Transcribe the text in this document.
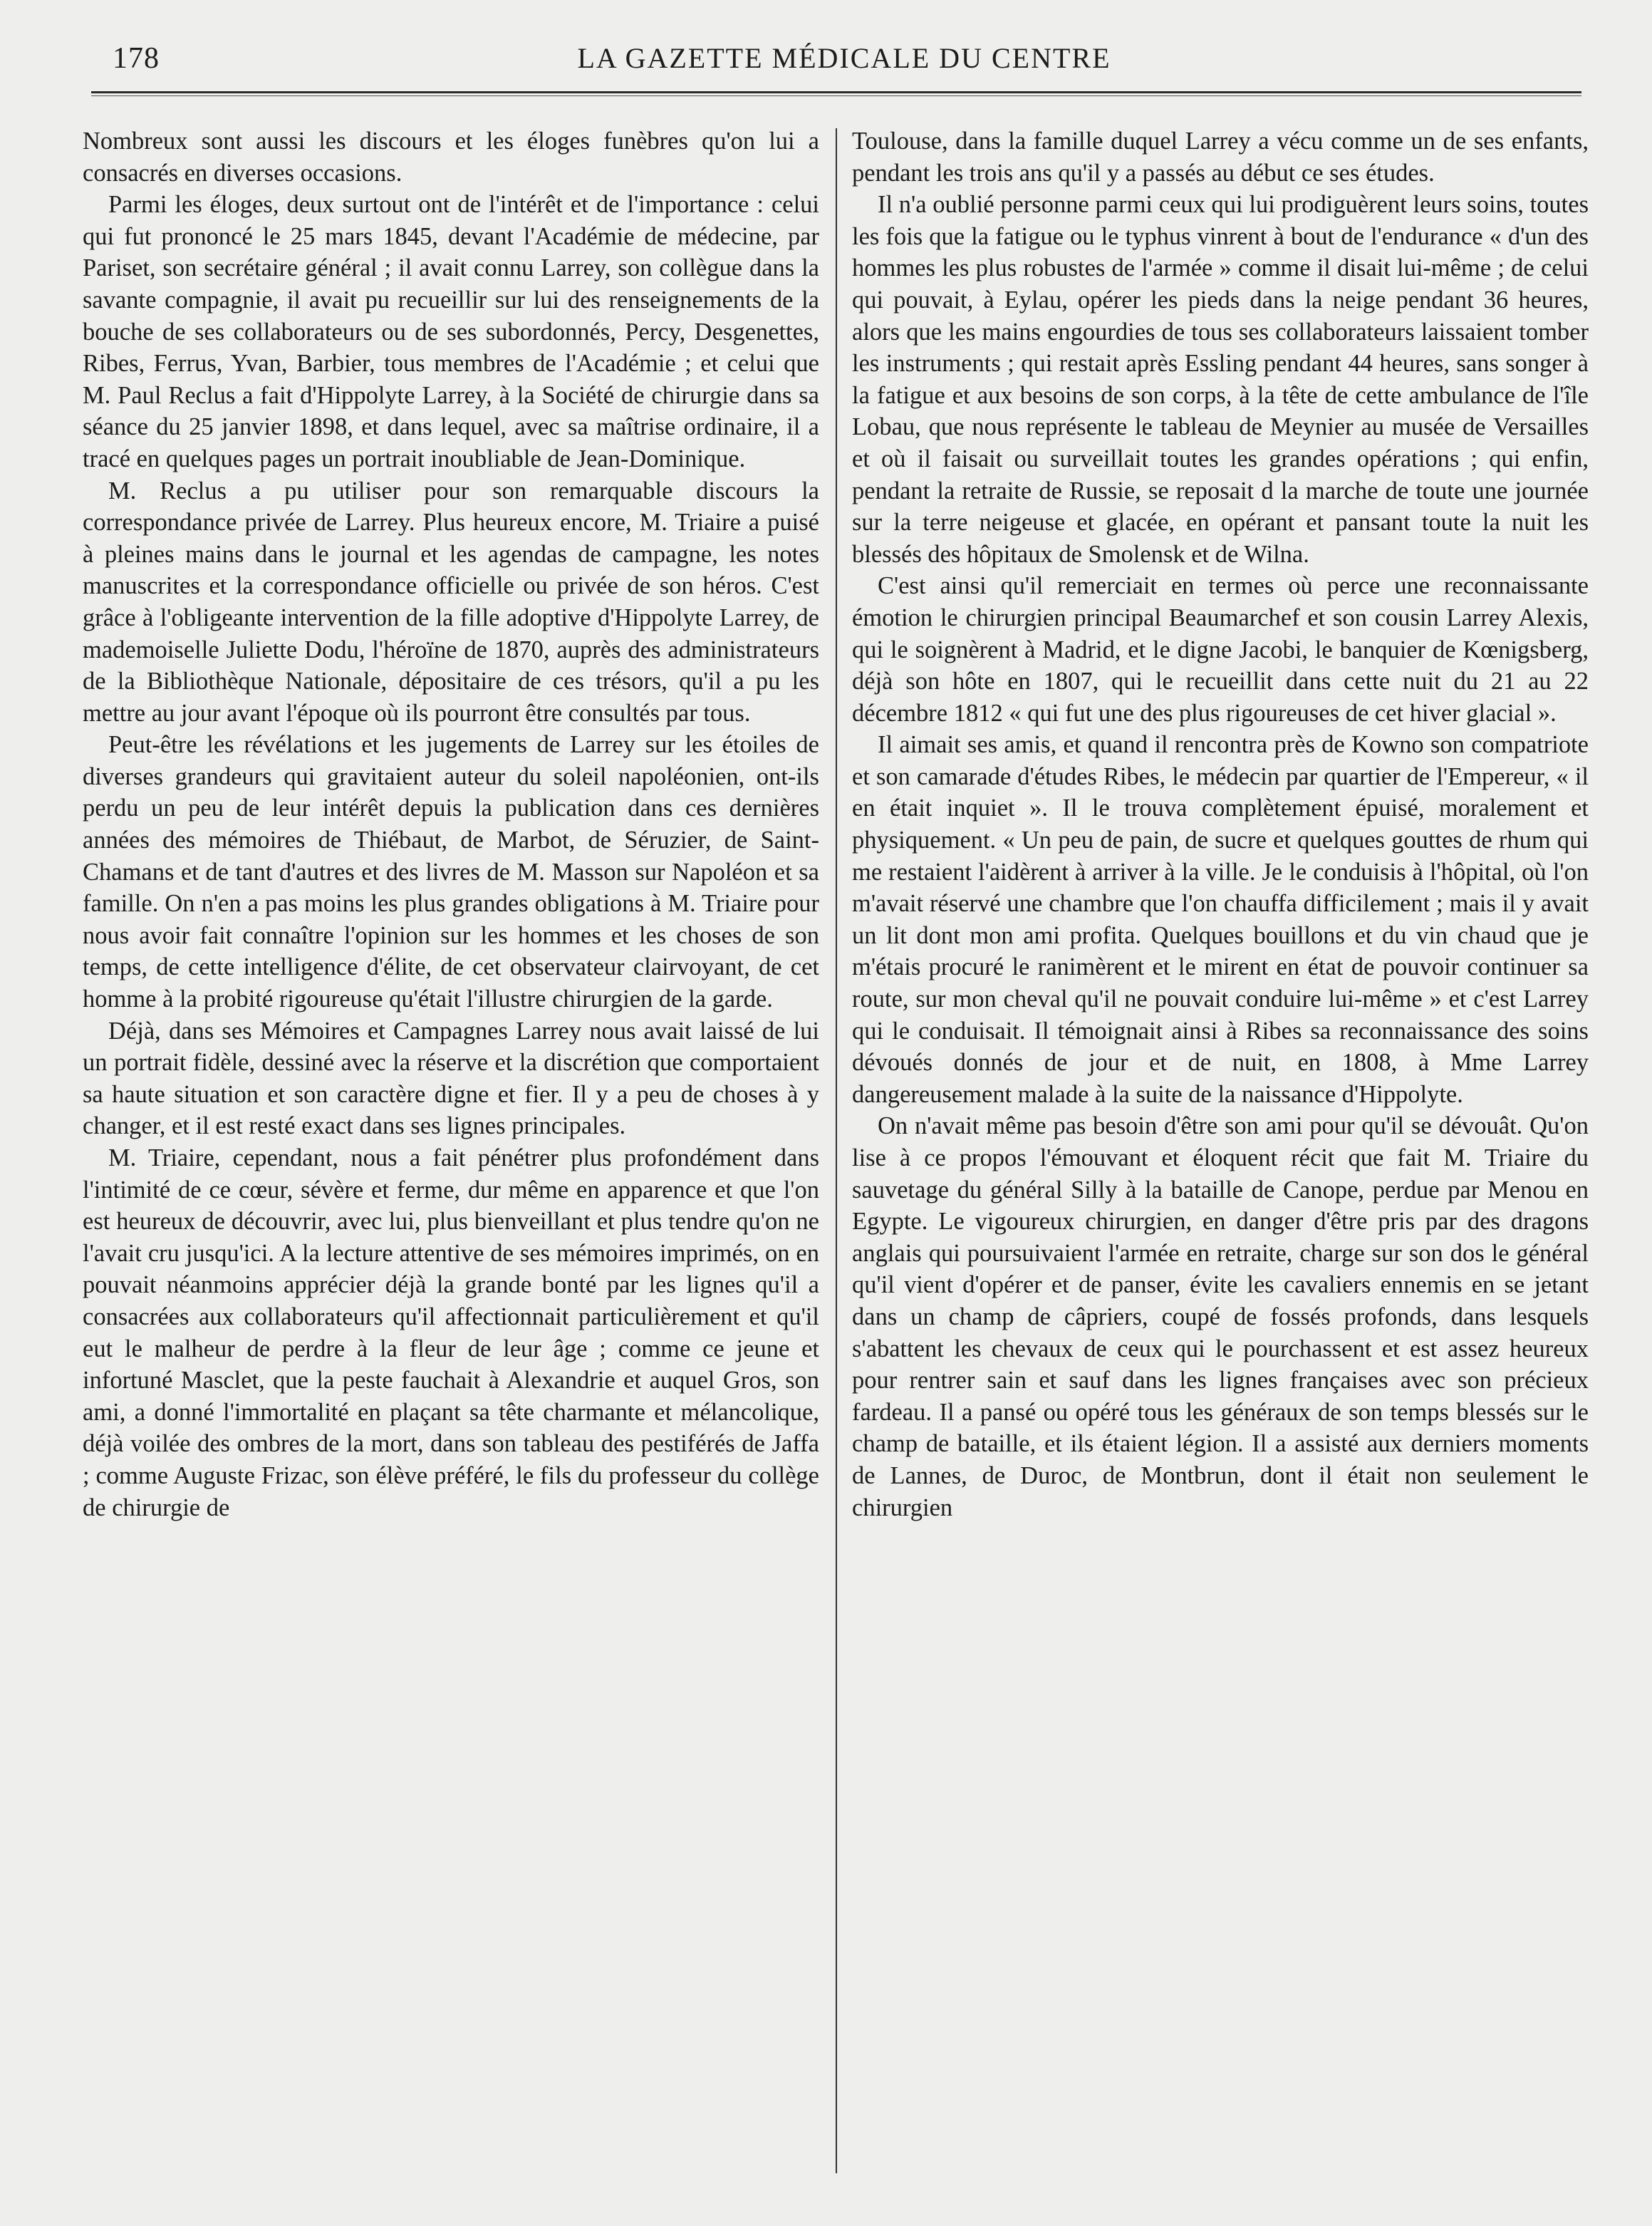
178	LA GAZETTE MÉDICALE DU CENTRE

Nombreux sont aussi les discours et les éloges funèbres qu'on lui a consacrés en diverses occasions.

Parmi les éloges, deux surtout ont de l'intérêt et de l'importance : celui qui fut prononcé le 25 mars 1845, devant l'Académie de médecine, par Pariset, son secrétaire général ; il avait connu Larrey, son collègue dans la savante compagnie, il avait pu recueillir sur lui des renseignements de la bouche de ses collaborateurs ou de ses subordonnés, Percy, Desgenettes, Ribes, Ferrus, Yvan, Barbier, tous membres de l'Académie ; et celui que M. Paul Reclus a fait d'Hippolyte Larrey, à la Société de chirurgie dans sa séance du 25 janvier 1898, et dans lequel, avec sa maîtrise ordinaire, il a tracé en quelques pages un portrait inoubliable de Jean-Dominique.

M. Reclus a pu utiliser pour son remarquable discours la correspondance privée de Larrey. Plus heureux encore, M. Triaire a puisé à pleines mains dans le journal et les agendas de campagne, les notes manuscrites et la correspondance officielle ou privée de son héros. C'est grâce à l'obligeante intervention de la fille adoptive d'Hippolyte Larrey, de mademoiselle Juliette Dodu, l'héroïne de 1870, auprès des administrateurs de la Bibliothèque Nationale, dépositaire de ces trésors, qu'il a pu les mettre au jour avant l'époque où ils pourront être consultés par tous.

Peut-être les révélations et les jugements de Larrey sur les étoiles de diverses grandeurs qui gravitaient auteur du soleil napoléonien, ont-ils perdu un peu de leur intérêt depuis la publication dans ces dernières années des mémoires de Thiébaut, de Marbot, de Séruzier, de Saint-Chamans et de tant d'autres et des livres de M. Masson sur Napoléon et sa famille. On n'en a pas moins les plus grandes obligations à M. Triaire pour nous avoir fait connaître l'opinion sur les hommes et les choses de son temps, de cette intelligence d'élite, de cet observateur clairvoyant, de cet homme à la probité rigoureuse qu'était l'illustre chirurgien de la garde.

Déjà, dans ses Mémoires et Campagnes Larrey nous avait laissé de lui un portrait fidèle, dessiné avec la réserve et la discrétion que comportaient sa haute situation et son caractère digne et fier. Il y a peu de choses à y changer, et il est resté exact dans ses lignes principales.

M. Triaire, cependant, nous a fait pénétrer plus profondément dans l'intimité de ce cœur, sévère et ferme, dur même en apparence et que l'on est heureux de découvrir, avec lui, plus bienveillant et plus tendre qu'on ne l'avait cru jusqu'ici. A la lecture attentive de ses mémoires imprimés, on en pouvait néanmoins apprécier déjà la grande bonté par les lignes qu'il a consacrées aux collaborateurs qu'il affectionnait particulièrement et qu'il eut le malheur de perdre à la fleur de leur âge ; comme ce jeune et infortuné Masclet, que la peste fauchait à Alexandrie et auquel Gros, son ami, a donné l'immortalité en plaçant sa tête charmante et mélancolique, déjà voilée des ombres de la mort, dans son tableau des pestiférés de Jaffa ; comme Auguste Frizac, son élève préféré, le fils du professeur du collège de chirurgie de

Toulouse, dans la famille duquel Larrey a vécu comme un de ses enfants, pendant les trois ans qu'il y a passés au début ce ses études.

Il n'a oublié personne parmi ceux qui lui prodiguèrent leurs soins, toutes les fois que la fatigue ou le typhus vinrent à bout de l'endurance « d'un des hommes les plus robustes de l'armée » comme il disait lui-même ; de celui qui pouvait, à Eylau, opérer les pieds dans la neige pendant 36 heures, alors que les mains engourdies de tous ses collaborateurs laissaient tomber les instruments ; qui restait après Essling pendant 44 heures, sans songer à la fatigue et aux besoins de son corps, à la tête de cette ambulance de l'île Lobau, que nous représente le tableau de Meynier au musée de Versailles et où il faisait ou surveillait toutes les grandes opérations ; qui enfin, pendant la retraite de Russie, se reposait d la marche de toute une journée sur la terre neigeuse et glacée, en opérant et pansant toute la nuit les blessés des hôpitaux de Smolensk et de Wilna.

C'est ainsi qu'il remerciait en termes où perce une reconnaissante émotion le chirurgien principal Beaumarchef et son cousin Larrey Alexis, qui le soignèrent à Madrid, et le digne Jacobi, le banquier de Kœnigsberg, déjà son hôte en 1807, qui le recueillit dans cette nuit du 21 au 22 décembre 1812 « qui fut une des plus rigoureuses de cet hiver glacial ».

Il aimait ses amis, et quand il rencontra près de Kowno son compatriote et son camarade d'études Ribes, le médecin par quartier de l'Empereur, « il en était inquiet ». Il le trouva complètement épuisé, moralement et physiquement. « Un peu de pain, de sucre et quelques gouttes de rhum qui me restaient l'aidèrent à arriver à la ville. Je le conduisis à l'hôpital, où l'on m'avait réservé une chambre que l'on chauffa difficilement ; mais il y avait un lit dont mon ami profita. Quelques bouillons et du vin chaud que je m'étais procuré le ranimèrent et le mirent en état de pouvoir continuer sa route, sur mon cheval qu'il ne pouvait conduire lui-même » et c'est Larrey qui le conduisait. Il témoignait ainsi à Ribes sa reconnaissance des soins dévoués donnés de jour et de nuit, en 1808, à Mme Larrey dangereusement malade à la suite de la naissance d'Hippolyte.

On n'avait même pas besoin d'être son ami pour qu'il se dévouât. Qu'on lise à ce propos l'émouvant et éloquent récit que fait M. Triaire du sauvetage du général Silly à la bataille de Canope, perdue par Menou en Egypte. Le vigoureux chirurgien, en danger d'être pris par des dragons anglais qui poursuivaient l'armée en retraite, charge sur son dos le général qu'il vient d'opérer et de panser, évite les cavaliers ennemis en se jetant dans un champ de câpriers, coupé de fossés profonds, dans lesquels s'abattent les chevaux de ceux qui le pourchassent et est assez heureux pour rentrer sain et sauf dans les lignes françaises avec son précieux fardeau. Il a pansé ou opéré tous les généraux de son temps blessés sur le champ de bataille, et ils étaient légion. Il a assisté aux derniers moments de Lannes, de Duroc, de Montbrun, dont il était non seulement le chirurgien
